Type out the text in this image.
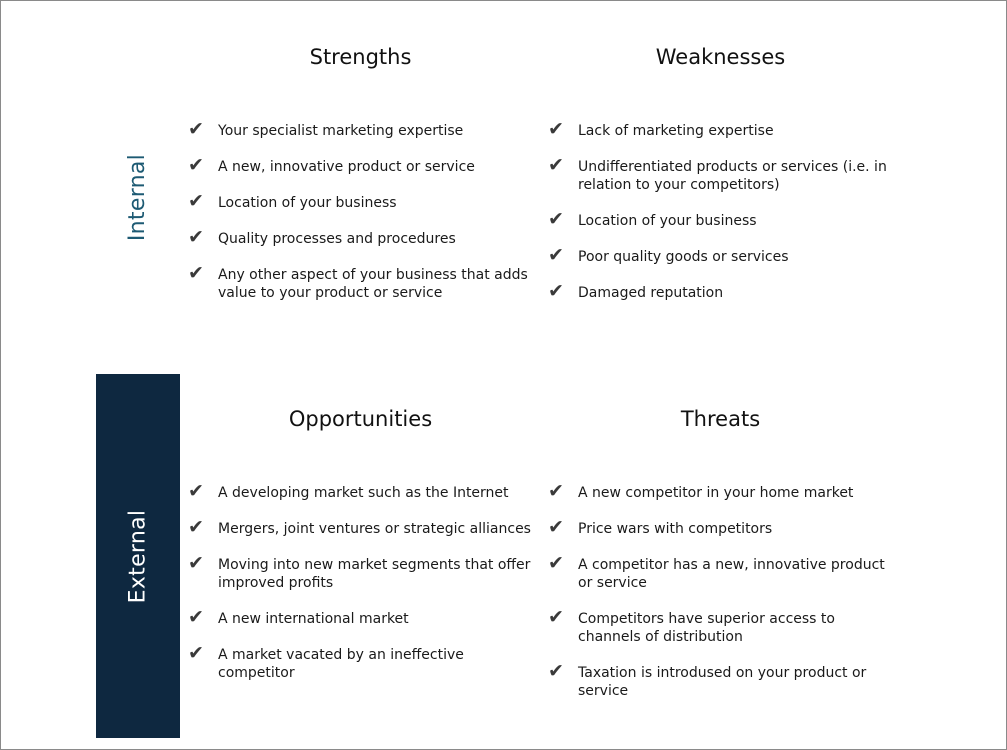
Internal
External
Strengths
✔	Your specialist marketing expertise
✔	A new, innovative product or service
✔	Location of your business
✔	Quality processes and procedures
✔	Any other aspect of your business that adds value to your product or service
Weaknesses
✔	Lack of marketing expertise
✔	Undifferentiated products or services (i.e. in relation to your competitors)
✔	Location of your business
✔	Poor quality goods or services
✔	Damaged reputation
Opportunities
✔	A developing market such as the Internet
✔	Mergers, joint ventures or strategic alliances
✔	Moving into new market segments that offer improved profits
✔	A new international market
✔	A market vacated by an ineffective competitor
Threats
✔	A new competitor in your home market
✔	Price wars with competitors
✔	A competitor has a new, innovative product or service
✔	Competitors have superior access to channels of distribution
✔	Taxation is introdused on your product or service
